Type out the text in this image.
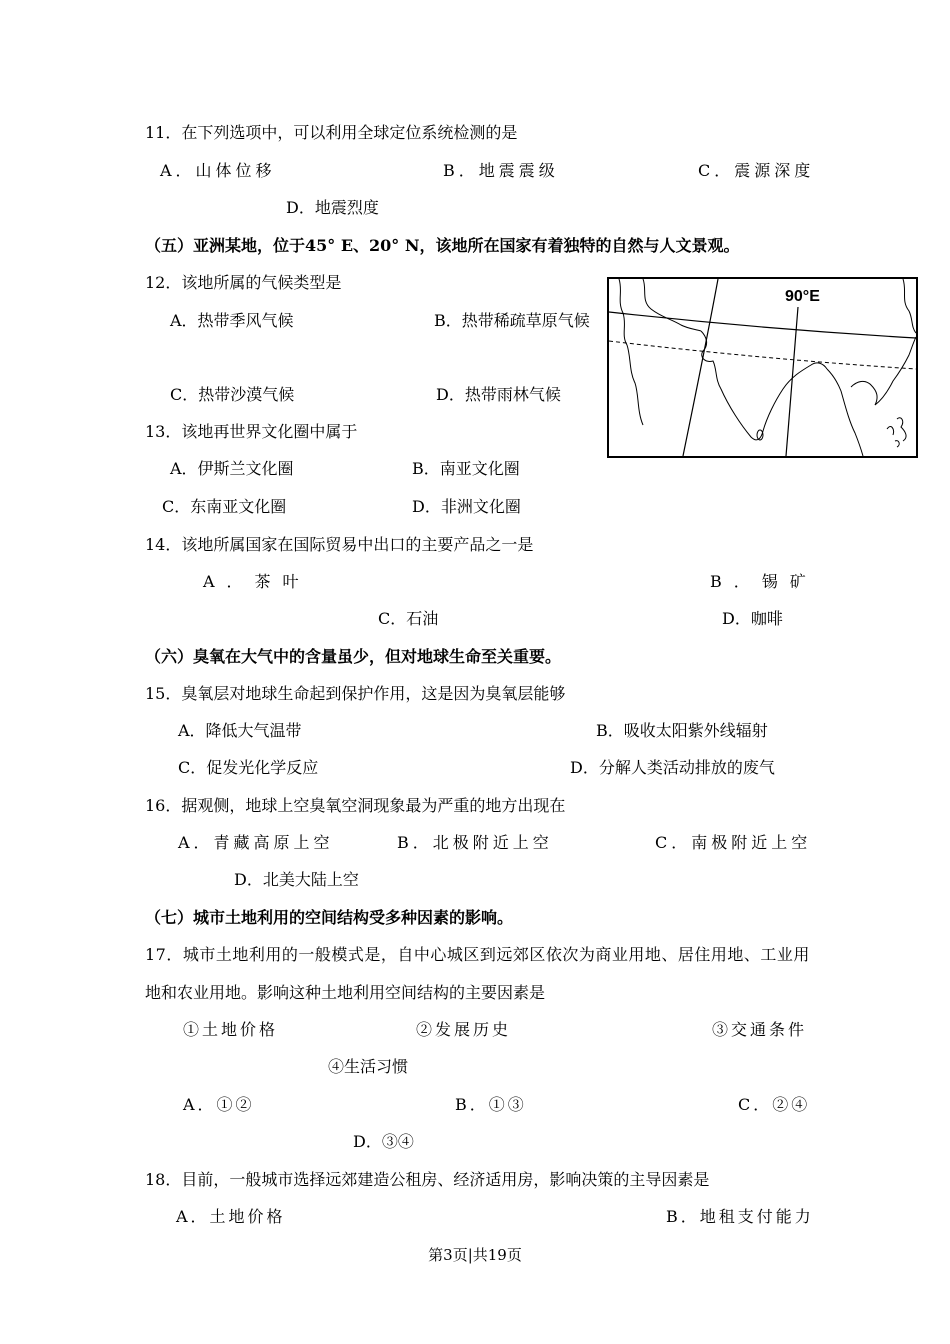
11．在下列选项中，可以利用全球定位系统检测的是
A．山体位移	B．地震震级	C．震源深度
D．地震烈度
（五）亚洲某地，位于45° E、20° N，该地所在国家有着独特的自然与人文景观。
90°E
12．该地所属的气候类型是
A．热带季风气候	B．热带稀疏草原气候
C．热带沙漠气候	D．热带雨林气候
13．该地再世界文化圈中属于
A．伊斯兰文化圈	B．南亚文化圈
C．东南亚文化圈	D．非洲文化圈
14．该地所属国家在国际贸易中出口的主要产品之一是
A．茶叶	B．锡矿
C．石油	D．咖啡
（六）臭氧在大气中的含量虽少，但对地球生命至关重要。
15．臭氧层对地球生命起到保护作用，这是因为臭氧层能够
A．降低大气温带	B．吸收太阳紫外线辐射
C．促发光化学反应	D．分解人类活动排放的废气
16．据观侧，地球上空臭氧空洞现象最为严重的地方出现在
A．青藏高原上空	B．北极附近上空	C．南极附近上空
D．北美大陆上空
（七）城市土地利用的空间结构受多种因素的影响。
17．城市土地利用的一般模式是，自中心城区到远郊区依次为商业用地、居住用地、工业用
地和农业用地。影响这种土地利用空间结构的主要因素是
①土地价格	②发展历史	③交通条件
④生活习惯
A．①②	B．①③	C．②④
D．③④
18．目前，一般城市选择远郊建造公租房、经济适用房，影响决策的主导因素是
A．土地价格	B．地租支付能力
第3页|共19页
